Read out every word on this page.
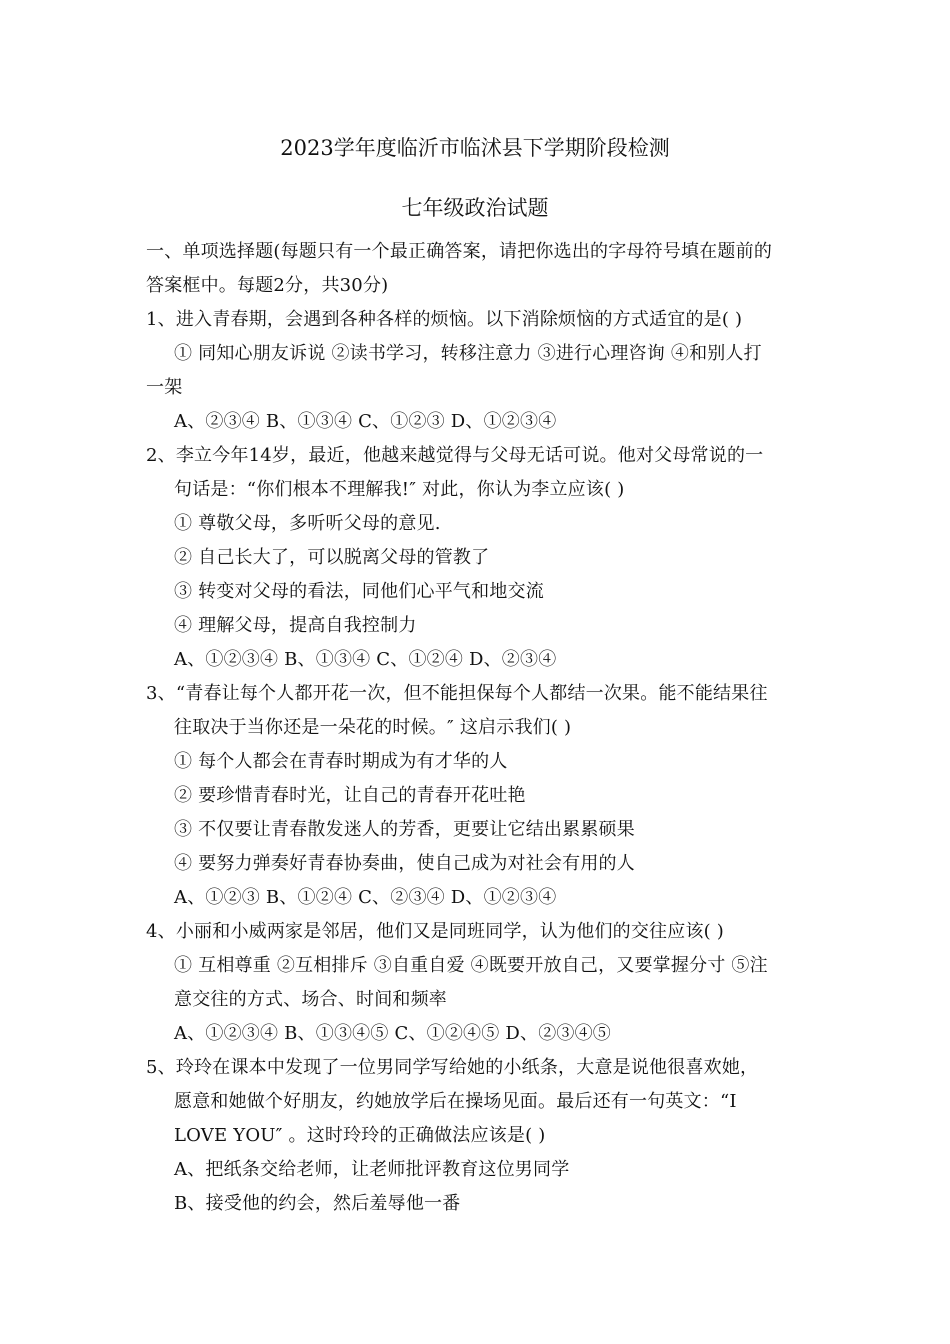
2023学年度临沂市临沭县下学期阶段检测
七年级政治试题
一、单项选择题(每题只有一个最正确答案，请把你选出的字母符号填在题前的
答案框中。每题2分，共30分)
1、进入青春期，会遇到各种各样的烦恼。以下消除烦恼的方式适宜的是( )
① 同知心朋友诉说 ②读书学习，转移注意力 ③进行心理咨询 ④和别人打
一架
A、②③④ B、①③④ C、①②③ D、①②③④
2、李立今年14岁，最近，他越来越觉得与父母无话可说。他对父母常说的一
句话是：“你们根本不理解我!″ 对此，你认为李立应该( )
① 尊敬父母，多听听父母的意见.
② 自己长大了，可以脱离父母的管教了
③ 转变对父母的看法，同他们心平气和地交流
④ 理解父母，提高自我控制力
A、①②③④ B、①③④ C、①②④ D、②③④
3、“青春让每个人都开花一次，但不能担保每个人都结一次果。能不能结果往
往取决于当你还是一朵花的时候。″ 这启示我们( )
① 每个人都会在青春时期成为有才华的人
② 要珍惜青春时光，让自己的青春开花吐艳
③ 不仅要让青春散发迷人的芳香，更要让它结出累累硕果
④ 要努力弹奏好青春协奏曲，使自己成为对社会有用的人
A、①②③ B、①②④ C、②③④ D、①②③④
4、小丽和小威两家是邻居，他们又是同班同学，认为他们的交往应该( )
① 互相尊重 ②互相排斥 ③自重自爱 ④既要开放自己，又要掌握分寸 ⑤注
意交往的方式、场合、时间和频率
A、①②③④ B、①③④⑤ C、①②④⑤ D、②③④⑤
5、玲玲在课本中发现了一位男同学写给她的小纸条，大意是说他很喜欢她，
愿意和她做个好朋友，约她放学后在操场见面。最后还有一句英文：“I
LOVE YOU″ 。这时玲玲的正确做法应该是( )
A、把纸条交给老师，让老师批评教育这位男同学
B、接受他的约会，然后羞辱他一番
